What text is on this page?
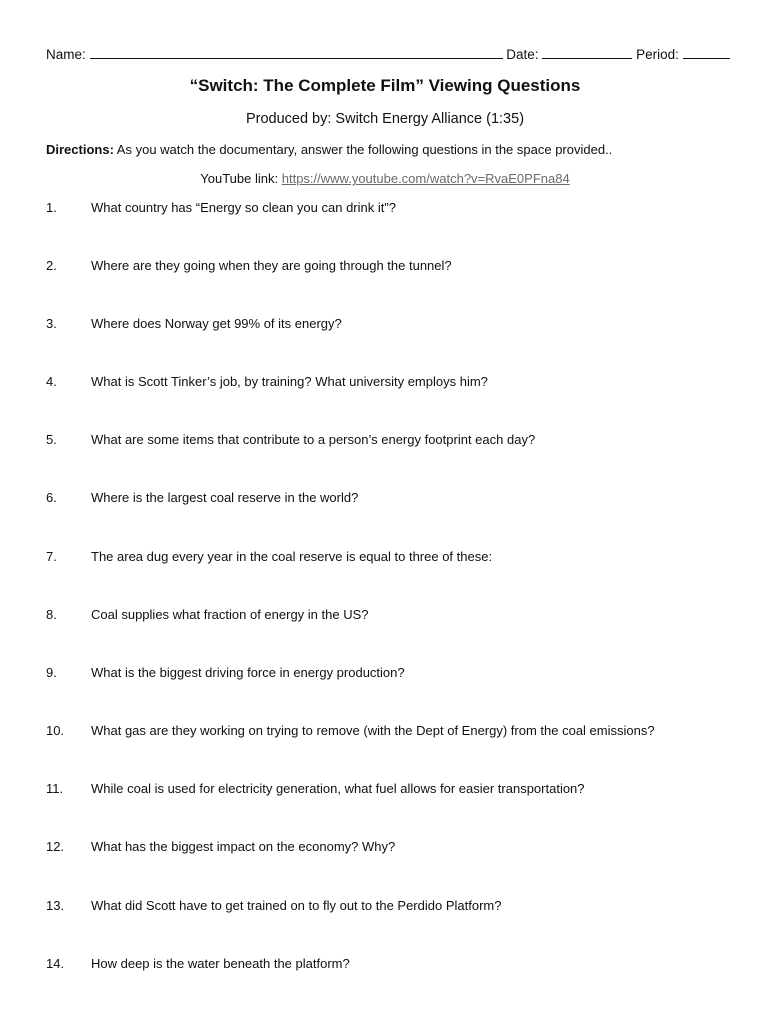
Name:	Date:	Period:
“Switch: The Complete Film” Viewing Questions
Produced by: Switch Energy Alliance (1:35)
Directions: As you watch the documentary, answer the following questions in the space provided..
YouTube link: https://www.youtube.com/watch?v=RvaE0PFna84
1.	What country has “Energy so clean you can drink it”?
2.	Where are they going when they are going through the tunnel?
3.	Where does Norway get 99% of its energy?
4.	What is Scott Tinker’s job, by training? What university employs him?
5.	What are some items that contribute to a person’s energy footprint each day?
6.	Where is the largest coal reserve in the world?
7.	The area dug every year in the coal reserve is equal to three of these:
8.	Coal supplies what fraction of energy in the US?
9.	What is the biggest driving force in energy production?
10. What gas are they working on trying to remove (with the Dept of Energy) from the coal emissions?
11. While coal is used for electricity generation, what fuel allows for easier transportation?
12. What has the biggest impact on the economy? Why?
13. What did Scott have to get trained on to fly out to the Perdido Platform?
14. How deep is the water beneath the platform?
